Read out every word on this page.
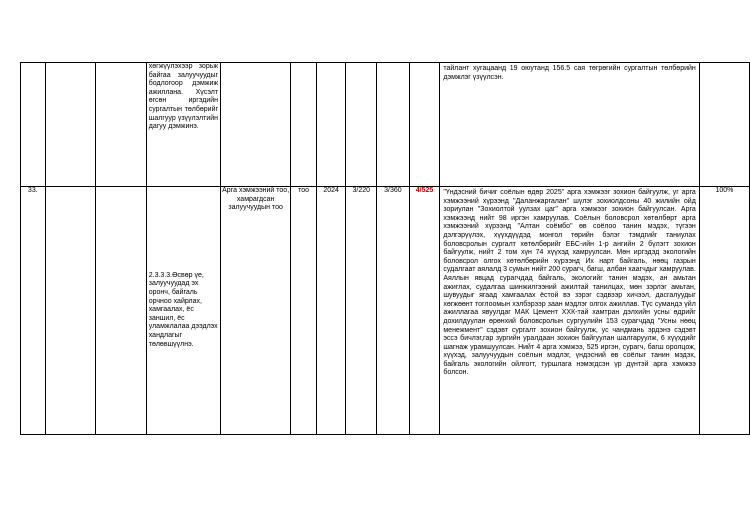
			хөгжүүлэхээр зорьж байгаа залуучуудыг бодлогоор дэмжиж ажиллана. Хүсэлт өгсөн иргэдийн сургалтын төлбөрийг шалгуур үзүүлэлтийн дагуу дэмжинэ.							тайлант хугацаанд 19 оюутанд 156.5 сая төгрөгийн сургалтын төлбөрийн дэмжлэг үзүүлсэн.	

33.			2.3.3.3.Өсвөр үе, залуучуудад эх оронч, байгаль орчноо хайрлах, хамгаалах, ёс заншил, ёс уламжлалаа дээдлэх хандлагыг төлөвшүүлнэ.	Арга хэмжээний тоо, хамрагдсан залуучуудын тоо	тоо	2024	3/220	3/360	4/525	"Үндэсний бичиг соёлын өдөр 2025" арга хэмжээг зохион байгуулж, уг арга хэмжээний хүрээнд "Даланжаргалан" шүлэг зохиолдсоны 40 жилийн ойд зориулан "Зохиолтой уулзах цаг" арга хэмжээг зохион байгуулсан. Арга хэмжээнд нийт 98 иргэн хамруулав. Соёлын боловсрол хөтөлбөрт арга хэмжээний хүрээнд "Алтан соёмбо" өв соёлоо танин мэдэх, түгээн дэлгэрүүлэх, хүүхдүүдэд монгол төрийн бэлэг тэмдгийг таниулах боловсролын сургалт хөтөлбөрийг ЕБС-ийн 1-р ангийн 2 бүлэгт зохион байгуулж, нийт 2 том хүн 74 хүүхэд хамруулсан. Мөн иргэдэд экологийн боловсрол олгох хөтөлбөрийн хүрээнд Их нарт байгаль, нөөц газрын судалгаат аялалд 3 сумын нийт 200 сурагч, багш, албан хаагчдыг хамруулав. Аяллын явцад сурагчдад байгаль, экологийг танин мэдэх, ан амьтан ажиглах, судалгаа шинжилгээний ажилтай танилцах, мөн зэрлэг амьтан, шувуудыг ягаад хамгаалах ёстой вэ зэрэг сэдвээр хичээл, дасгалуудыг хөгжөөнт тоглоомын хэлбэрээр заан мэдлэг олгох ажиллав. Түс сумандэ үйл ажиллагаа явуулдаг МАК Цемент ХХК-тай хамтран дэлхийн усны өдрийг дохилдуулан өрөнхий боловсролын сургуулийн 153 сурагчдад "Усны нөөц менежмент" сэдэвт сургалт зохион байгуулж, ус чандмань эрдэнэ сэдэвт эссэ бичлэг,гар зургийн уралдаан зохион байгуулан шалгаруулж, 6 хүүхдийг шагнаж урамшуулсан. Нийт 4 арга хэмжээ, 525 иргэн, сурагч, багш оролцож, хүүхэд, залуучуудын соёлын мэдлэг, үндэсний өв соёлыг танин мэдэх, байгаль экологийн ойлгогт, туршлага нэмэгдсэн үр дүнтэй арга хэмжээ болсон.	100%
